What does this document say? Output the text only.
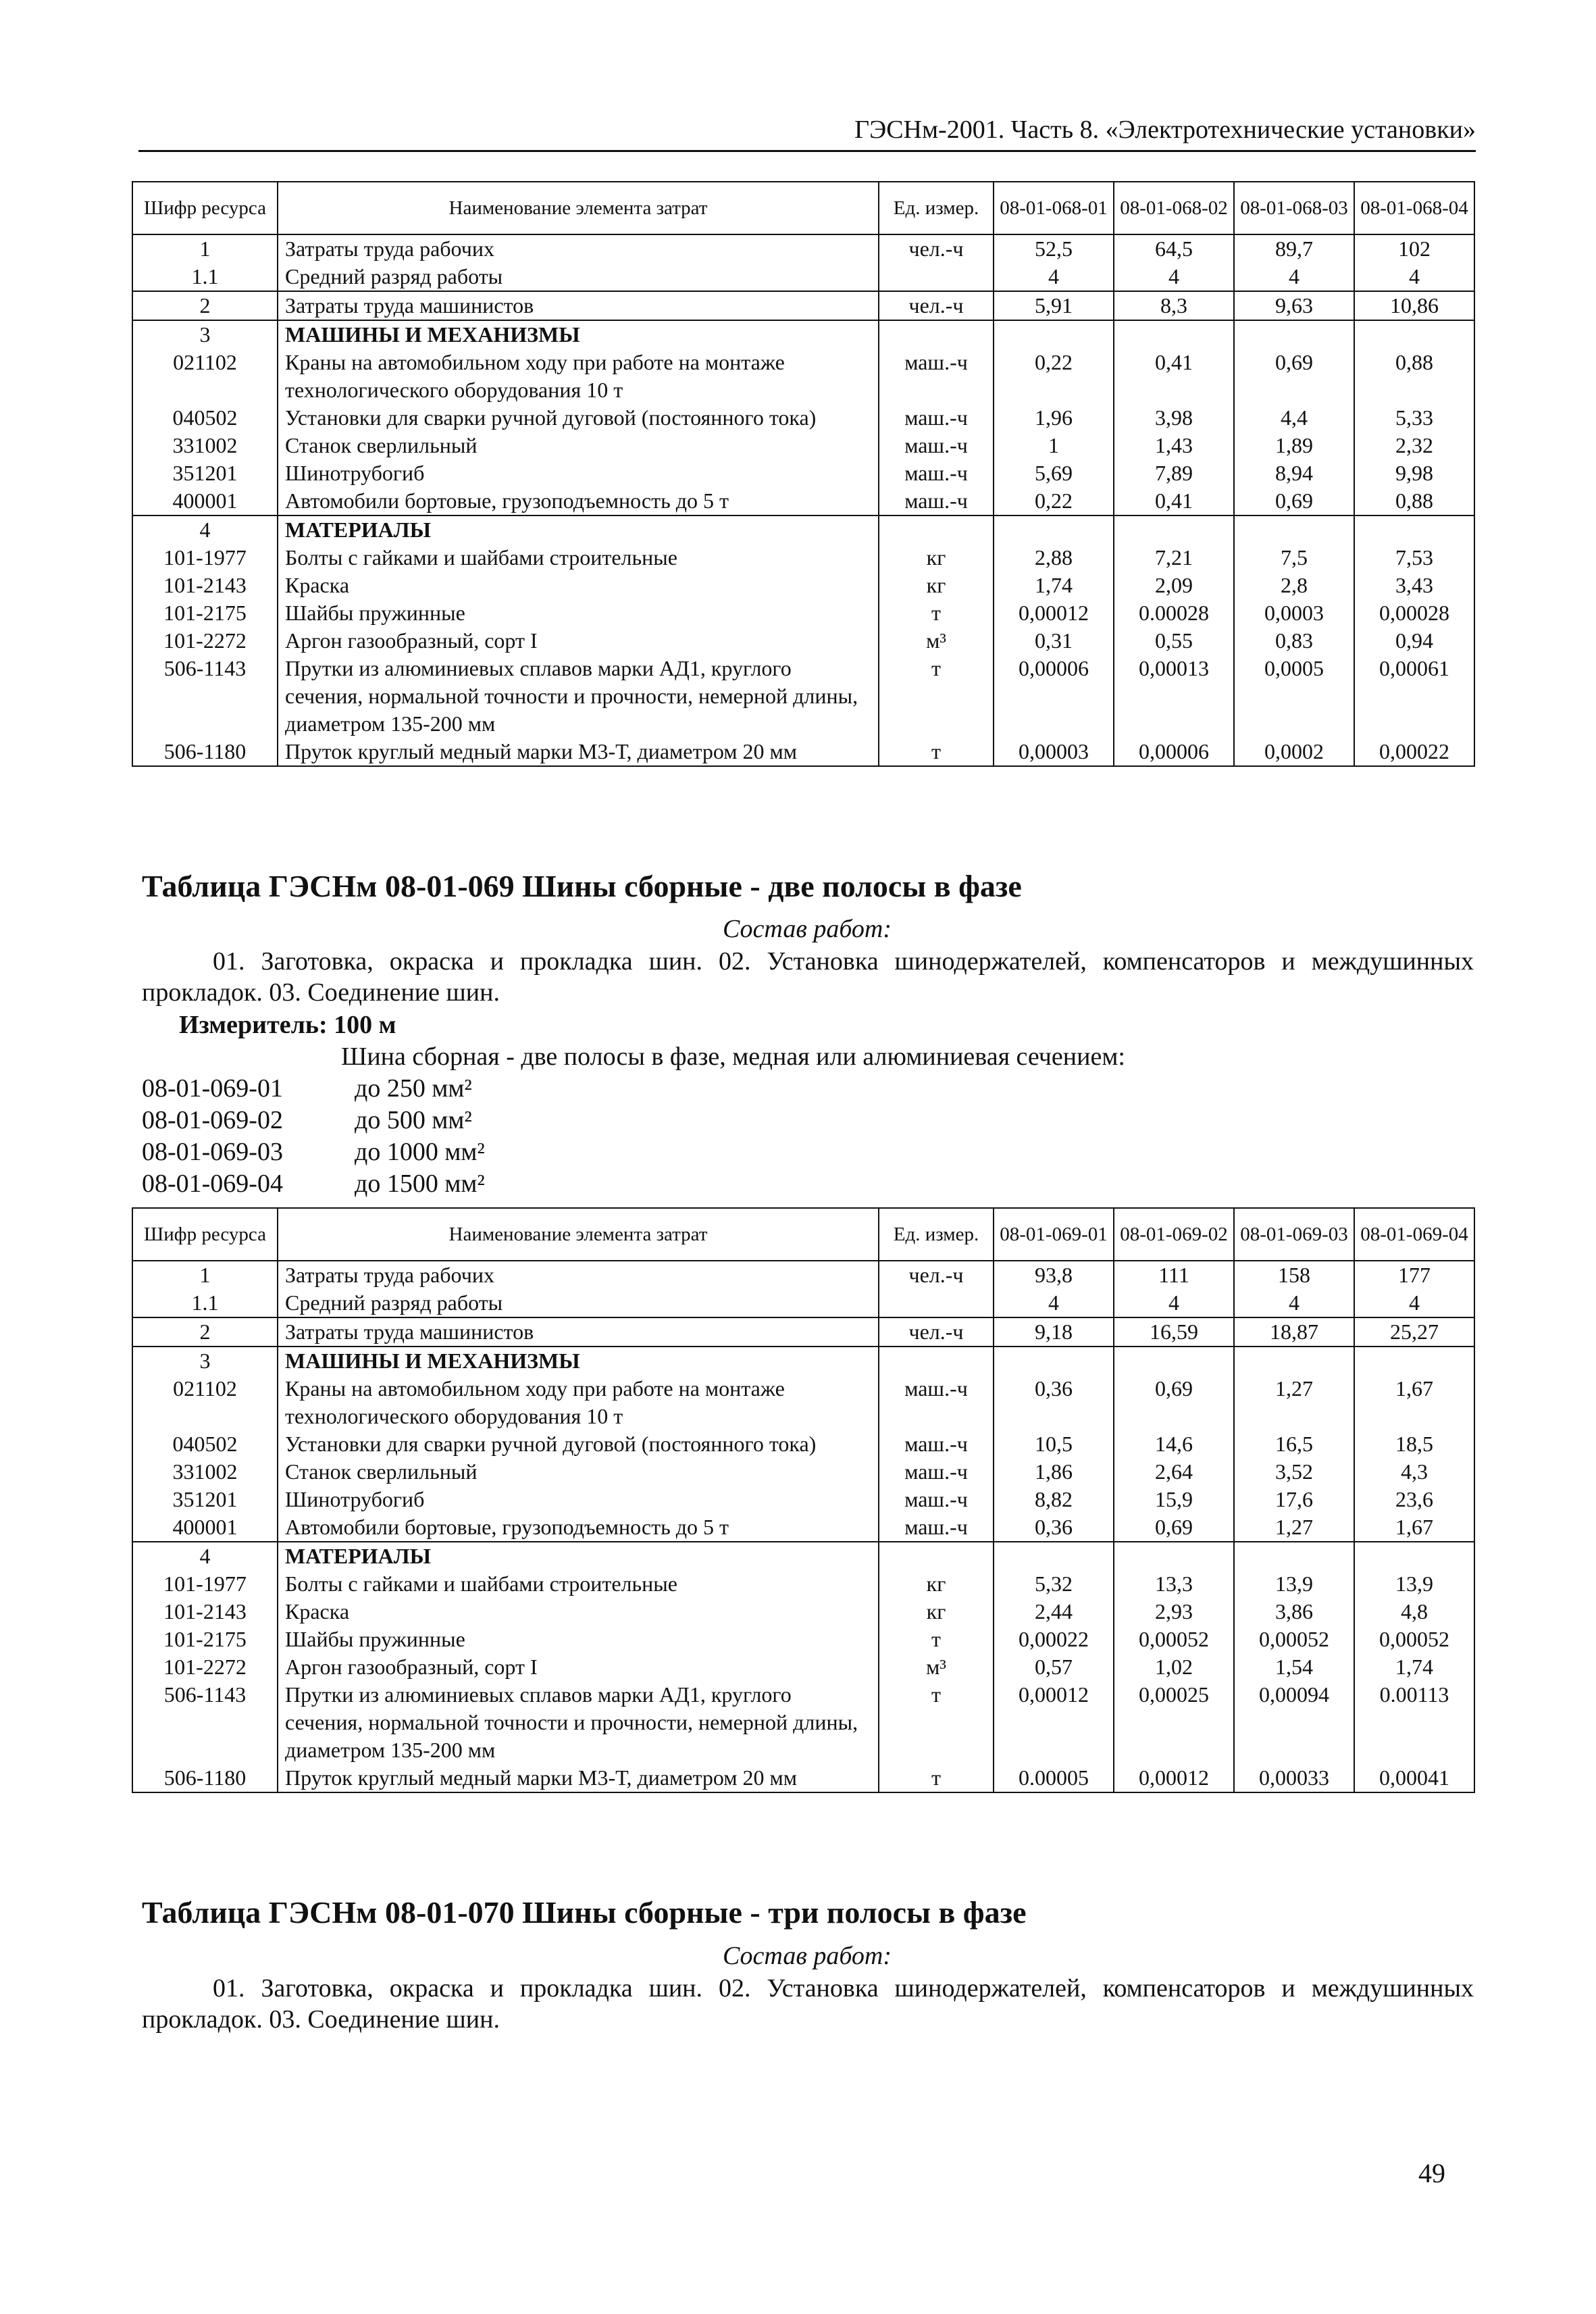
ГЭСНм-2001. Часть 8. «Электротехнические установки»
Шифр ресурса	Наименование элемента затрат	Ед. измер.	08-01-068-01	08-01-068-02	08-01-068-03	08-01-068-04
1	Затраты труда рабочих	чел.-ч	52,5	64,5	89,7	102
1.1	Средний разряд работы		4	4	4	4
2	Затраты труда машинистов	чел.-ч	5,91	8,3	9,63	10,86
3	МАШИНЫ И МЕХАНИЗМЫ					
021102	Краны на автомобильном ходу при работе на монтаже технологического оборудования 10 т	маш.-ч	0,22	0,41	0,69	0,88
040502	Установки для сварки ручной дуговой (постоянного тока)	маш.-ч	1,96	3,98	4,4	5,33
331002	Станок сверлильный	маш.-ч	1	1,43	1,89	2,32
351201	Шинотрубогиб	маш.-ч	5,69	7,89	8,94	9,98
400001	Автомобили бортовые, грузоподъемность до 5 т	маш.-ч	0,22	0,41	0,69	0,88
4	МАТЕРИАЛЫ					
101-1977	Болты с гайками и шайбами строительные	кг	2,88	7,21	7,5	7,53
101-2143	Краска	кг	1,74	2,09	2,8	3,43
101-2175	Шайбы пружинные	т	0,00012	0.00028	0,0003	0,00028
101-2272	Аргон газообразный, сорт I	м³	0,31	0,55	0,83	0,94
506-1143	Прутки из алюминиевых сплавов марки АД1, круглого сечения, нормальной точности и прочности, немерной длины, диаметром 135-200 мм	т	0,00006	0,00013	0,0005	0,00061
506-1180	Пруток круглый медный марки М3-Т, диаметром 20 мм	т	0,00003	0,00006	0,0002	0,00022
Таблица ГЭСНм 08-01-069 Шины сборные - две полосы в фазе
Состав работ:
01. Заготовка, окраска и прокладка шин. 02. Установка шинодержателей, компенсаторов и междушинных прокладок. 03. Соединение шин.
Измеритель: 100 м
Шина сборная - две полосы в фазе, медная или алюминиевая сечением:
08-01-069-01	до 250 мм²
08-01-069-02	до 500 мм²
08-01-069-03	до 1000 мм²
08-01-069-04	до 1500 мм²
Шифр ресурса	Наименование элемента затрат	Ед. измер.	08-01-069-01	08-01-069-02	08-01-069-03	08-01-069-04
1	Затраты труда рабочих	чел.-ч	93,8	111	158	177
1.1	Средний разряд работы		4	4	4	4
2	Затраты труда машинистов	чел.-ч	9,18	16,59	18,87	25,27
3	МАШИНЫ И МЕХАНИЗМЫ					
021102	Краны на автомобильном ходу при работе на монтаже технологического оборудования 10 т	маш.-ч	0,36	0,69	1,27	1,67
040502	Установки для сварки ручной дуговой (постоянного тока)	маш.-ч	10,5	14,6	16,5	18,5
331002	Станок сверлильный	маш.-ч	1,86	2,64	3,52	4,3
351201	Шинотрубогиб	маш.-ч	8,82	15,9	17,6	23,6
400001	Автомобили бортовые, грузоподъемность до 5 т	маш.-ч	0,36	0,69	1,27	1,67
4	МАТЕРИАЛЫ					
101-1977	Болты с гайками и шайбами строительные	кг	5,32	13,3	13,9	13,9
101-2143	Краска	кг	2,44	2,93	3,86	4,8
101-2175	Шайбы пружинные	т	0,00022	0,00052	0,00052	0,00052
101-2272	Аргон газообразный, сорт I	м³	0,57	1,02	1,54	1,74
506-1143	Прутки из алюминиевых сплавов марки АД1, круглого сечения, нормальной точности и прочности, немерной длины, диаметром 135-200 мм	т	0,00012	0,00025	0,00094	0.00113
506-1180	Пруток круглый медный марки М3-Т, диаметром 20 мм	т	0.00005	0,00012	0,00033	0,00041
Таблица ГЭСНм 08-01-070 Шины сборные - три полосы в фазе
Состав работ:
01. Заготовка, окраска и прокладка шин. 02. Установка шинодержателей, компенсаторов и междушинных прокладок. 03. Соединение шин.
49
